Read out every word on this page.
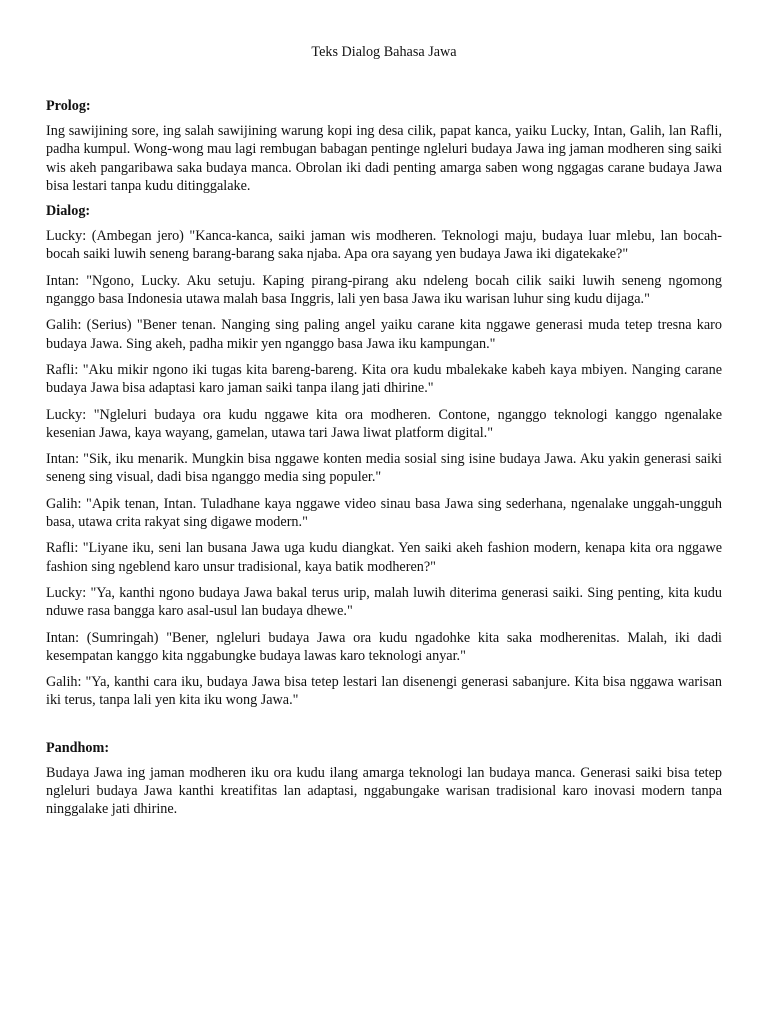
Teks Dialog Bahasa Jawa

Prolog:

Ing sawijining sore, ing salah sawijining warung kopi ing desa cilik, papat kanca, yaiku Lucky, Intan, Galih, lan Rafli, padha kumpul. Wong-wong mau lagi rembugan babagan pentinge ngleluri budaya Jawa ing jaman modheren sing saiki wis akeh pangaribawa saka budaya manca. Obrolan iki dadi penting amarga saben wong nggagas carane budaya Jawa bisa lestari tanpa kudu ditinggalake.

Dialog:

Lucky: (Ambegan jero) "Kanca-kanca, saiki jaman wis modheren. Teknologi maju, budaya luar mlebu, lan bocah-bocah saiki luwih seneng barang-barang saka njaba. Apa ora sayang yen budaya Jawa iki digatekake?"

Intan: "Ngono, Lucky. Aku setuju. Kaping pirang-pirang aku ndeleng bocah cilik saiki luwih seneng ngomong nganggo basa Indonesia utawa malah basa Inggris, lali yen basa Jawa iku warisan luhur sing kudu dijaga."

Galih: (Serius) "Bener tenan. Nanging sing paling angel yaiku carane kita nggawe generasi muda tetep tresna karo budaya Jawa. Sing akeh, padha mikir yen nganggo basa Jawa iku kampungan."

Rafli: "Aku mikir ngono iki tugas kita bareng-bareng. Kita ora kudu mbalekake kabeh kaya mbiyen. Nanging carane budaya Jawa bisa adaptasi karo jaman saiki tanpa ilang jati dhirine."

Lucky: "Ngleluri budaya ora kudu nggawe kita ora modheren. Contone, nganggo teknologi kanggo ngenalake kesenian Jawa, kaya wayang, gamelan, utawa tari Jawa liwat platform digital."

Intan: "Sik, iku menarik. Mungkin bisa nggawe konten media sosial sing isine budaya Jawa. Aku yakin generasi saiki seneng sing visual, dadi bisa nganggo media sing populer."

Galih: "Apik tenan, Intan. Tuladhane kaya nggawe video sinau basa Jawa sing sederhana, ngenalake unggah-ungguh basa, utawa crita rakyat sing digawe modern."

Rafli: "Liyane iku, seni lan busana Jawa uga kudu diangkat. Yen saiki akeh fashion modern, kenapa kita ora nggawe fashion sing ngeblend karo unsur tradisional, kaya batik modheren?"

Lucky: "Ya, kanthi ngono budaya Jawa bakal terus urip, malah luwih diterima generasi saiki. Sing penting, kita kudu nduwe rasa bangga karo asal-usul lan budaya dhewe."

Intan: (Sumringah) "Bener, ngleluri budaya Jawa ora kudu ngadohke kita saka modherenitas. Malah, iki dadi kesempatan kanggo kita nggabungke budaya lawas karo teknologi anyar."

Galih: "Ya, kanthi cara iku, budaya Jawa bisa tetep lestari lan disenengi generasi sabanjure. Kita bisa nggawa warisan iki terus, tanpa lali yen kita iku wong Jawa."

Pandhom:

Budaya Jawa ing jaman modheren iku ora kudu ilang amarga teknologi lan budaya manca. Generasi saiki bisa tetep ngleluri budaya Jawa kanthi kreatifitas lan adaptasi, nggabungake warisan tradisional karo inovasi modern tanpa ninggalake jati dhirine.
